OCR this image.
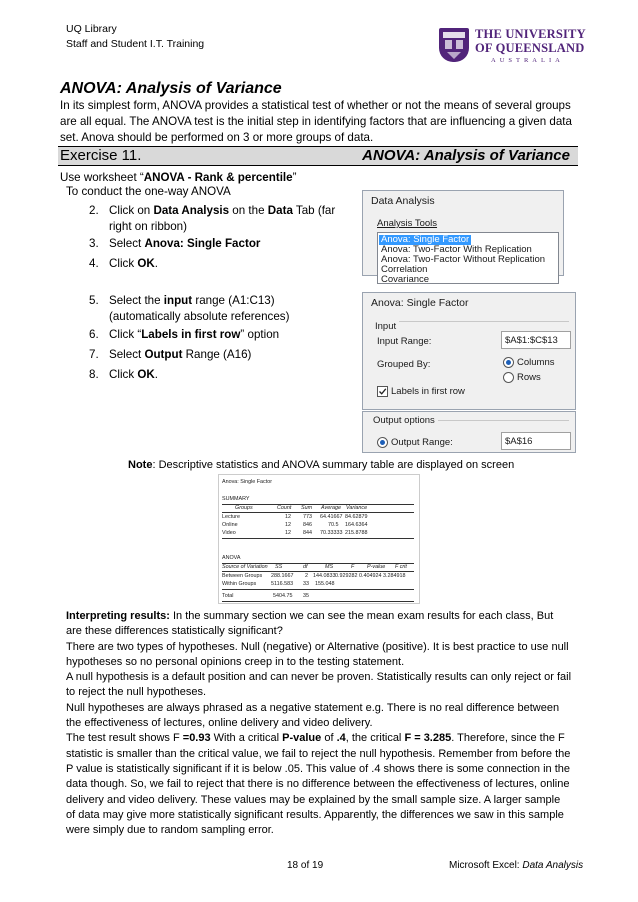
UQ Library
Staff and Student I.T. Training
THE UNIVERSITY
OF QUEENSLAND
AUSTRALIA
ANOVA: Analysis of Variance
In its simplest form, ANOVA provides a statistical test of whether or not the means of several groups are all equal. The ANOVA test is the initial step in identifying factors that are influencing a given data set. Anova should be performed on 3 or more groups of data.
Exercise 11.	ANOVA: Analysis of Variance
Use worksheet “ANOVA - Rank & percentile”
To conduct the one-way ANOVA
2. Click on Data Analysis on the Data Tab (far
right on ribbon)
3. Select Anova: Single Factor
4. Click OK.
5. Select the input range (A1:C13)
(automatically absolute references)
6. Click “Labels in first row” option
7. Select Output Range (A16)
8. Click OK.
Data Analysis
Analysis Tools
Anova: Single Factor
Anova: Two-Factor With Replication
Anova: Two-Factor Without Replication
Correlation
Covariance
Anova: Single Factor
Input
Input Range:	$A$1:$C$13
Grouped By:	Columns
Rows
Labels in first row
Output options
Output Range:	$A$16
Note: Descriptive statistics and ANOVA summary table are displayed on screen
Anova: Single Factor
SUMMARY
Groups	Count Sum Average Variance
Lecture	12 773 64.41667 84.62879
Online	12 846	70.5 164.6364
Video	12 844 70.33333 215.8788
ANOVA
Source of Variation SS	df	MS	F P-value F crit
Between Groups 288.1667 2 144.0833 0.929282 0.404924 3.284918
Within Groups	5116.583 33 155.048
Total	5404.75 35
Interpreting results: In the summary section we can see the mean exam results for each class, But are these differences statistically significant?
There are two types of hypotheses. Null (negative) or Alternative (positive). It is best practice to use null hypotheses so no personal opinions creep in to the testing statement.
A null hypothesis is a default position and can never be proven. Statistically results can only reject or fail to reject the null hypotheses.
Null hypotheses are always phrased as a negative statement e.g. There is no real difference between the effectiveness of lectures, online delivery and video delivery.
The test result shows F =0.93 With a critical P-value of .4, the critical F = 3.285. Therefore, since the F statistic is smaller than the critical value, we fail to reject the null hypothesis. Remember from before the P value is statistically significant if it is below .05. This value of .4 shows there is some connection in the data though. So, we fail to reject that there is no difference between the effectiveness of lectures, online delivery and video delivery. These values may be explained by the small sample size. A larger sample of data may give more statistically significant results. Apparently, the differences we saw in this sample were simply due to random sampling error.
18 of 19	Microsoft Excel: Data Analysis
